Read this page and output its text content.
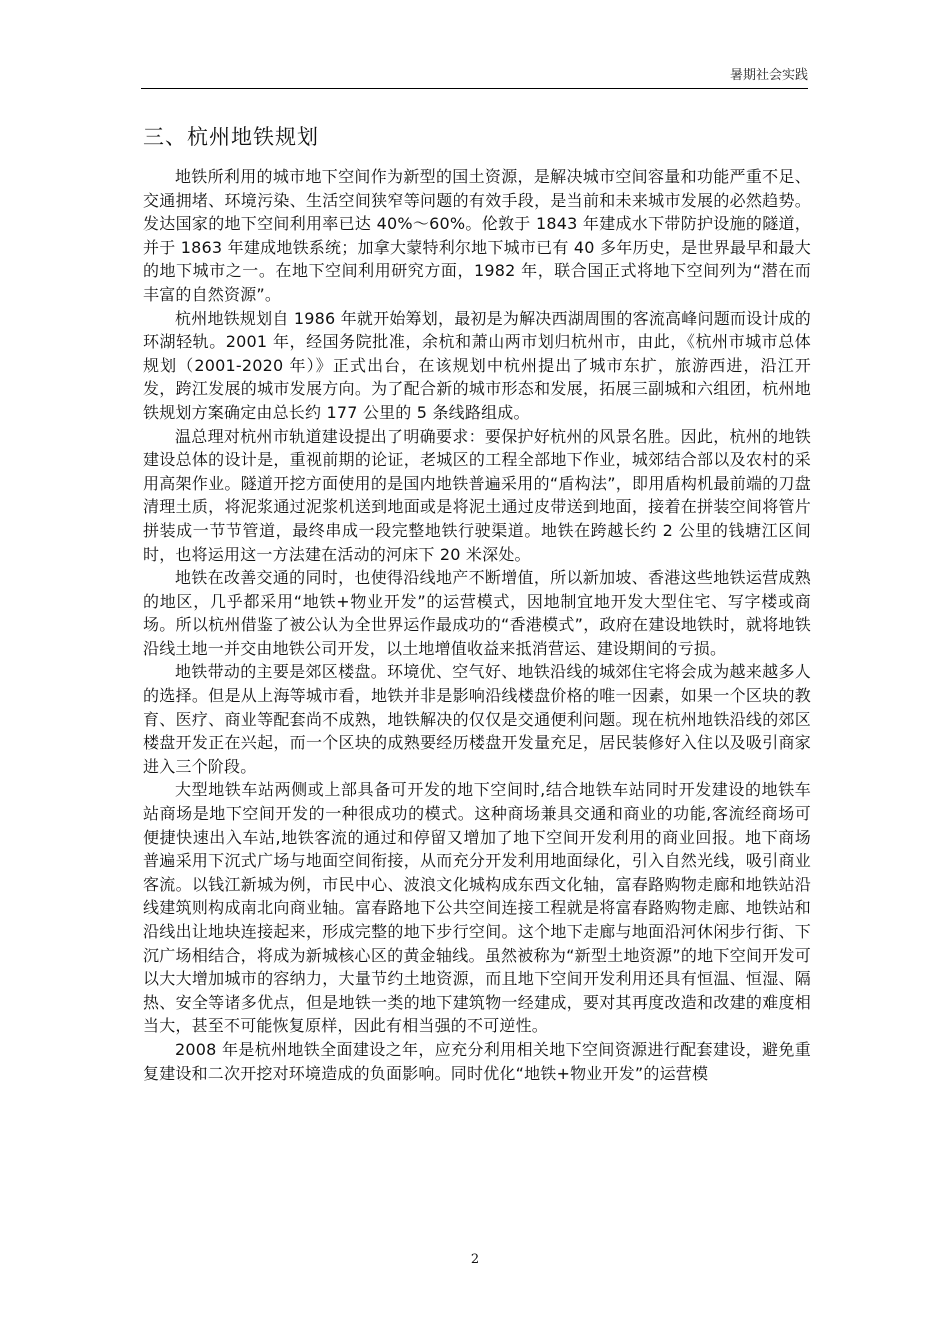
暑期社会实践
三、杭州地铁规划

地铁所利用的城市地下空间作为新型的国土资源，是解决城市空间容量和功能严重不足、交通拥堵、环境污染、生活空间狭窄等问题的有效手段，是当前和未来城市发展的必然趋势。发达国家的地下空间利用率已达 40%～60%。伦敦于 1843 年建成水下带防护设施的隧道，并于 1863 年建成地铁系统；加拿大蒙特利尔地下城市已有 40 多年历史，是世界最早和最大的地下城市之一。在地下空间利用研究方面，1982 年，联合国正式将地下空间列为“潜在而丰富的自然资源”。

杭州地铁规划自 1986 年就开始筹划，最初是为解决西湖周围的客流高峰问题而设计成的环湖轻轨。2001 年，经国务院批准，余杭和萧山两市划归杭州市，由此，《杭州市城市总体规划（2001-2020 年）》正式出台，在该规划中杭州提出了城市东扩，旅游西进，沿江开发，跨江发展的城市发展方向。为了配合新的城市形态和发展，拓展三副城和六组团，杭州地铁规划方案确定由总长约 177 公里的 5 条线路组成。

温总理对杭州市轨道建设提出了明确要求：要保护好杭州的风景名胜。因此，杭州的地铁建设总体的设计是，重视前期的论证，老城区的工程全部地下作业，城郊结合部以及农村的采用高架作业。隧道开挖方面使用的是国内地铁普遍采用的“盾构法”，即用盾构机最前端的刀盘清理土质，将泥浆通过泥浆机送到地面或是将泥土通过皮带送到地面，接着在拼装空间将管片拼装成一节节管道，最终串成一段完整地铁行驶渠道。地铁在跨越长约 2 公里的钱塘江区间时，也将运用这一方法建在活动的河床下 20 米深处。

地铁在改善交通的同时，也使得沿线地产不断增值，所以新加坡、香港这些地铁运营成熟的地区，几乎都采用“地铁+物业开发”的运营模式，因地制宜地开发大型住宅、写字楼或商场。所以杭州借鉴了被公认为全世界运作最成功的“香港模式”，政府在建设地铁时，就将地铁沿线土地一并交由地铁公司开发，以土地增值收益来抵消营运、建设期间的亏损。

地铁带动的主要是郊区楼盘。环境优、空气好、地铁沿线的城郊住宅将会成为越来越多人的选择。但是从上海等城市看，地铁并非是影响沿线楼盘价格的唯一因素，如果一个区块的教育、医疗、商业等配套尚不成熟，地铁解决的仅仅是交通便利问题。现在杭州地铁沿线的郊区楼盘开发正在兴起，而一个区块的成熟要经历楼盘开发量充足，居民装修好入住以及吸引商家进入三个阶段。

大型地铁车站两侧或上部具备可开发的地下空间时,结合地铁车站同时开发建设的地铁车站商场是地下空间开发的一种很成功的模式。这种商场兼具交通和商业的功能,客流经商场可便捷快速出入车站,地铁客流的通过和停留又增加了地下空间开发利用的商业回报。地下商场普遍采用下沉式广场与地面空间衔接，从而充分开发利用地面绿化，引入自然光线，吸引商业客流。以钱江新城为例，市民中心、波浪文化城构成东西文化轴，富春路购物走廊和地铁站沿线建筑则构成南北向商业轴。富春路地下公共空间连接工程就是将富春路购物走廊、地铁站和沿线出让地块连接起来，形成完整的地下步行空间。这个地下走廊与地面沿河休闲步行街、下沉广场相结合，将成为新城核心区的黄金轴线。虽然被称为“新型土地资源”的地下空间开发可以大大增加城市的容纳力，大量节约土地资源，而且地下空间开发利用还具有恒温、恒湿、隔热、安全等诸多优点，但是地铁一类的地下建筑物一经建成，要对其再度改造和改建的难度相当大，甚至不可能恢复原样，因此有相当强的不可逆性。

2008 年是杭州地铁全面建设之年，应充分利用相关地下空间资源进行配套建设，避免重复建设和二次开挖对环境造成的负面影响。同时优化“地铁+物业开发”的运营模

2
